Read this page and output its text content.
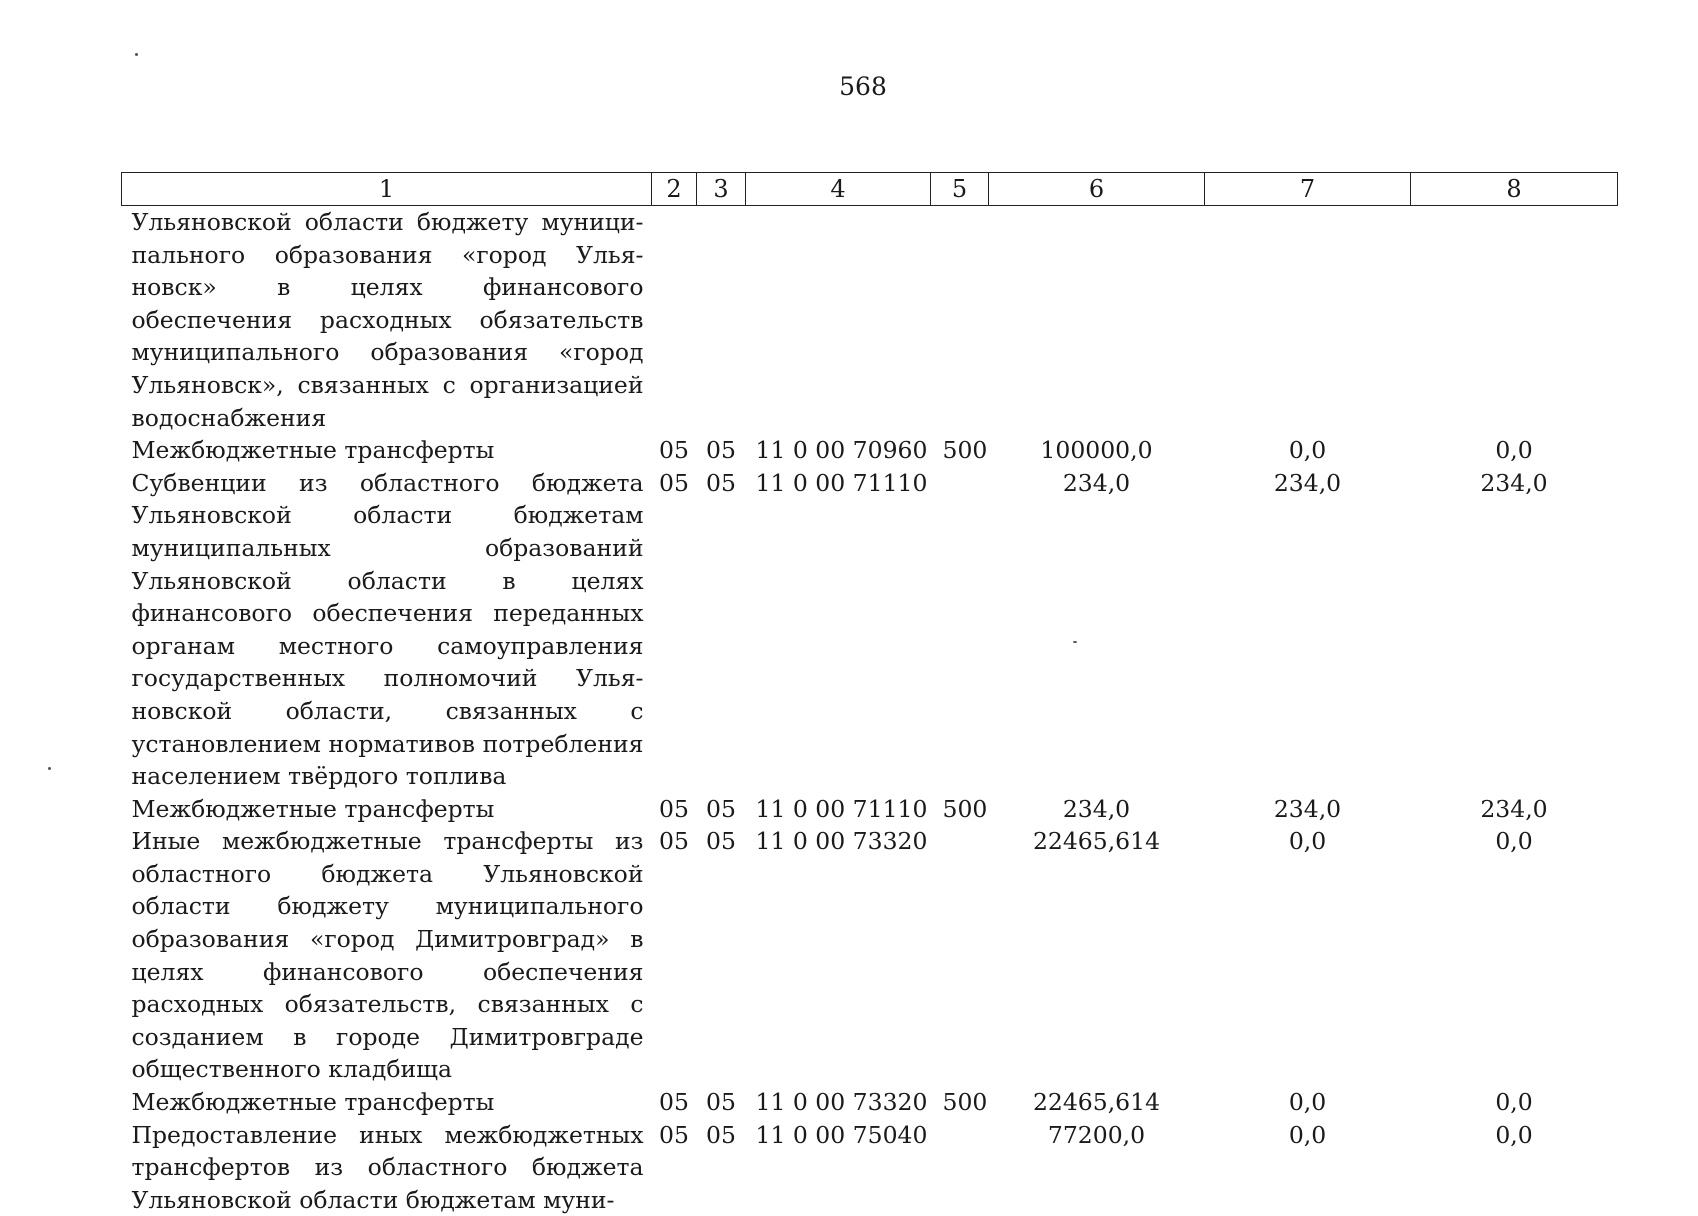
568
1	2	3	4	5	6	7	8
Ульяновской области бюджету муниципального образования «город Ульяновск» в целях финансового обеспечения расходных обязательств муниципального образования «город Ульяновск», связанных с организацией водоснабжения							
Межбюджетные трансферты	05	05	11 0 00 70960	500	100000,0	0,0	0,0
Субвенции из областного бюджета Ульяновской области бюджетам муниципальных образований Ульяновской области в целях финансового обеспечения переданных органам местного самоуправления государственных полномочий Ульяновской области, связанных с установлением нормативов потребления населением твёрдого топлива	05	05	11 0 00 71110		234,0	234,0	234,0
Межбюджетные трансферты	05	05	11 0 00 71110	500	234,0	234,0	234,0
Иные межбюджетные трансферты из областного бюджета Ульяновской области бюджету муниципального образования «город Димитровград» в целях финансового обеспечения расходных обязательств, связанных с созданием в городе Димитровграде общественного кладбища	05	05	11 0 00 73320		22465,614	0,0	0,0
Межбюджетные трансферты	05	05	11 0 00 73320	500	22465,614	0,0	0,0
Предоставление иных межбюджетных трансфертов из областного бюджета Ульяновской области бюджетам муни-	05	05	11 0 00 75040		77200,0	0,0	0,0
